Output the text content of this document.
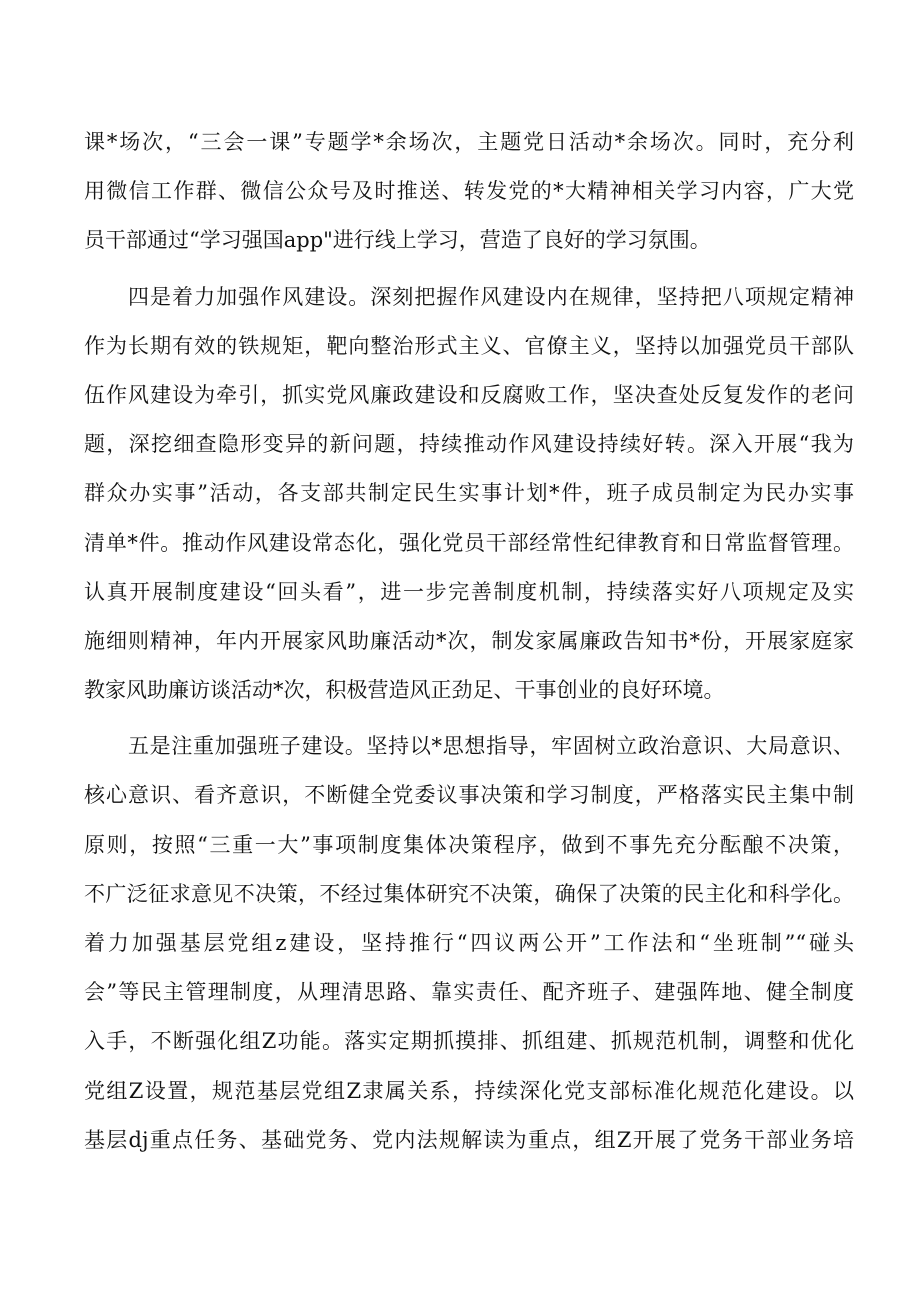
课*场次，“三会一课”专题学*余场次，主题党日活动*余场次。同时，充分利
用微信工作群、微信公众号及时推送、转发党的*大精神相关学习内容，广大党
员干部通过“学习强国app"进行线上学习，营造了良好的学习氛围。
四是着力加强作风建设。深刻把握作风建设内在规律，坚持把八项规定精神
作为长期有效的铁规矩，靶向整治形式主义、官僚主义，坚持以加强党员干部队
伍作风建设为牵引，抓实党风廉政建设和反腐败工作，坚决查处反复发作的老问
题，深挖细查隐形变异的新问题，持续推动作风建设持续好转。深入开展“我为
群众办实事”活动，各支部共制定民生实事计划*件，班子成员制定为民办实事
清单*件。推动作风建设常态化，强化党员干部经常性纪律教育和日常监督管理。
认真开展制度建设“回头看”，进一步完善制度机制，持续落实好八项规定及实
施细则精神，年内开展家风助廉活动*次，制发家属廉政告知书*份，开展家庭家
教家风助廉访谈活动*次，积极营造风正劲足、干事创业的良好环境。
五是注重加强班子建设。坚持以*思想指导，牢固树立政治意识、大局意识、
核心意识、看齐意识，不断健全党委议事决策和学习制度，严格落实民主集中制
原则，按照“三重一大”事项制度集体决策程序，做到不事先充分酝酿不决策，
不广泛征求意见不决策，不经过集体研究不决策，确保了决策的民主化和科学化。
着力加强基层党组z建设，坚持推行“四议两公开”工作法和“坐班制”“碰头
会”等民主管理制度，从理清思路、靠实责任、配齐班子、建强阵地、健全制度
入手，不断强化组Z功能。落实定期抓摸排、抓组建、抓规范机制，调整和优化
党组Z设置，规范基层党组Z隶属关系，持续深化党支部标准化规范化建设。以
基层dj重点任务、基础党务、党内法规解读为重点，组Z开展了党务干部业务培
